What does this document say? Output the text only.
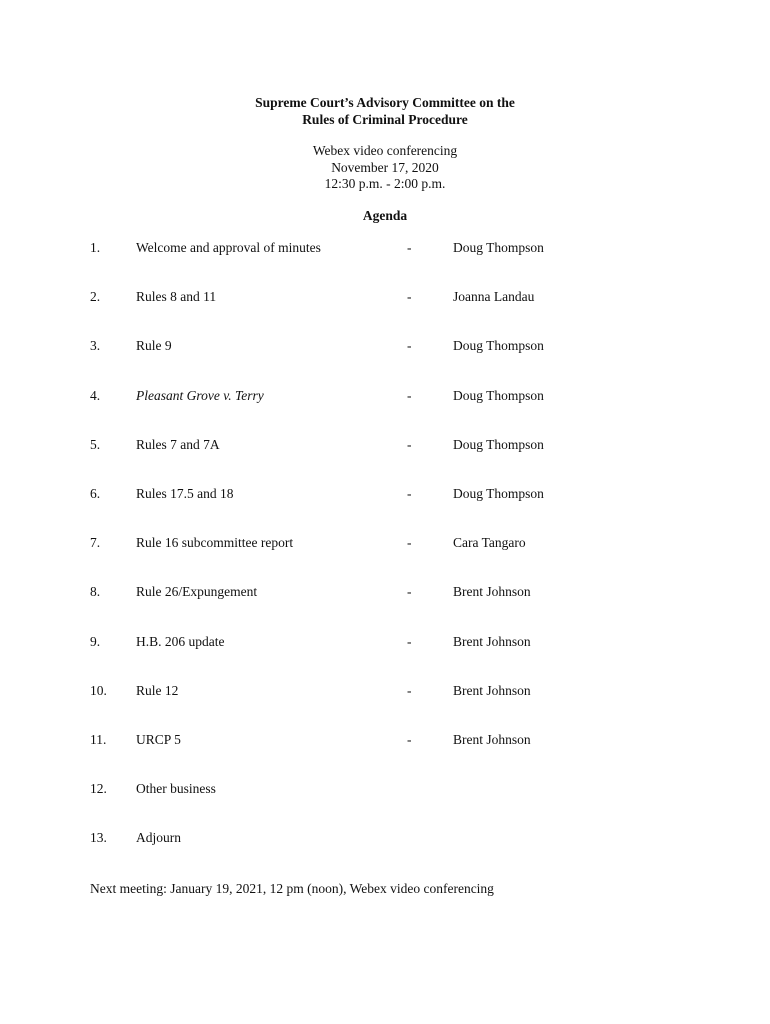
Supreme Court’s Advisory Committee on the
Rules of Criminal Procedure
Webex video conferencing
November 17, 2020
12:30 p.m. - 2:00 p.m.
Agenda
1.	Welcome and approval of minutes	-	Doug Thompson
2.	Rules 8 and 11	-	Joanna Landau
3.	Rule 9	-	Doug Thompson
4.	Pleasant Grove v. Terry	-	Doug Thompson
5.	Rules 7 and 7A	-	Doug Thompson
6.	Rules 17.5 and 18	-	Doug Thompson
7.	Rule 16 subcommittee report	-	Cara Tangaro
8.	Rule 26/Expungement	-	Brent Johnson
9.	H.B. 206 update	-	Brent Johnson
10. Rule 12	-	Brent Johnson
11. URCP 5	-	Brent Johnson
12. Other business
13. Adjourn
Next meeting: January 19, 2021, 12 pm (noon), Webex video conferencing
